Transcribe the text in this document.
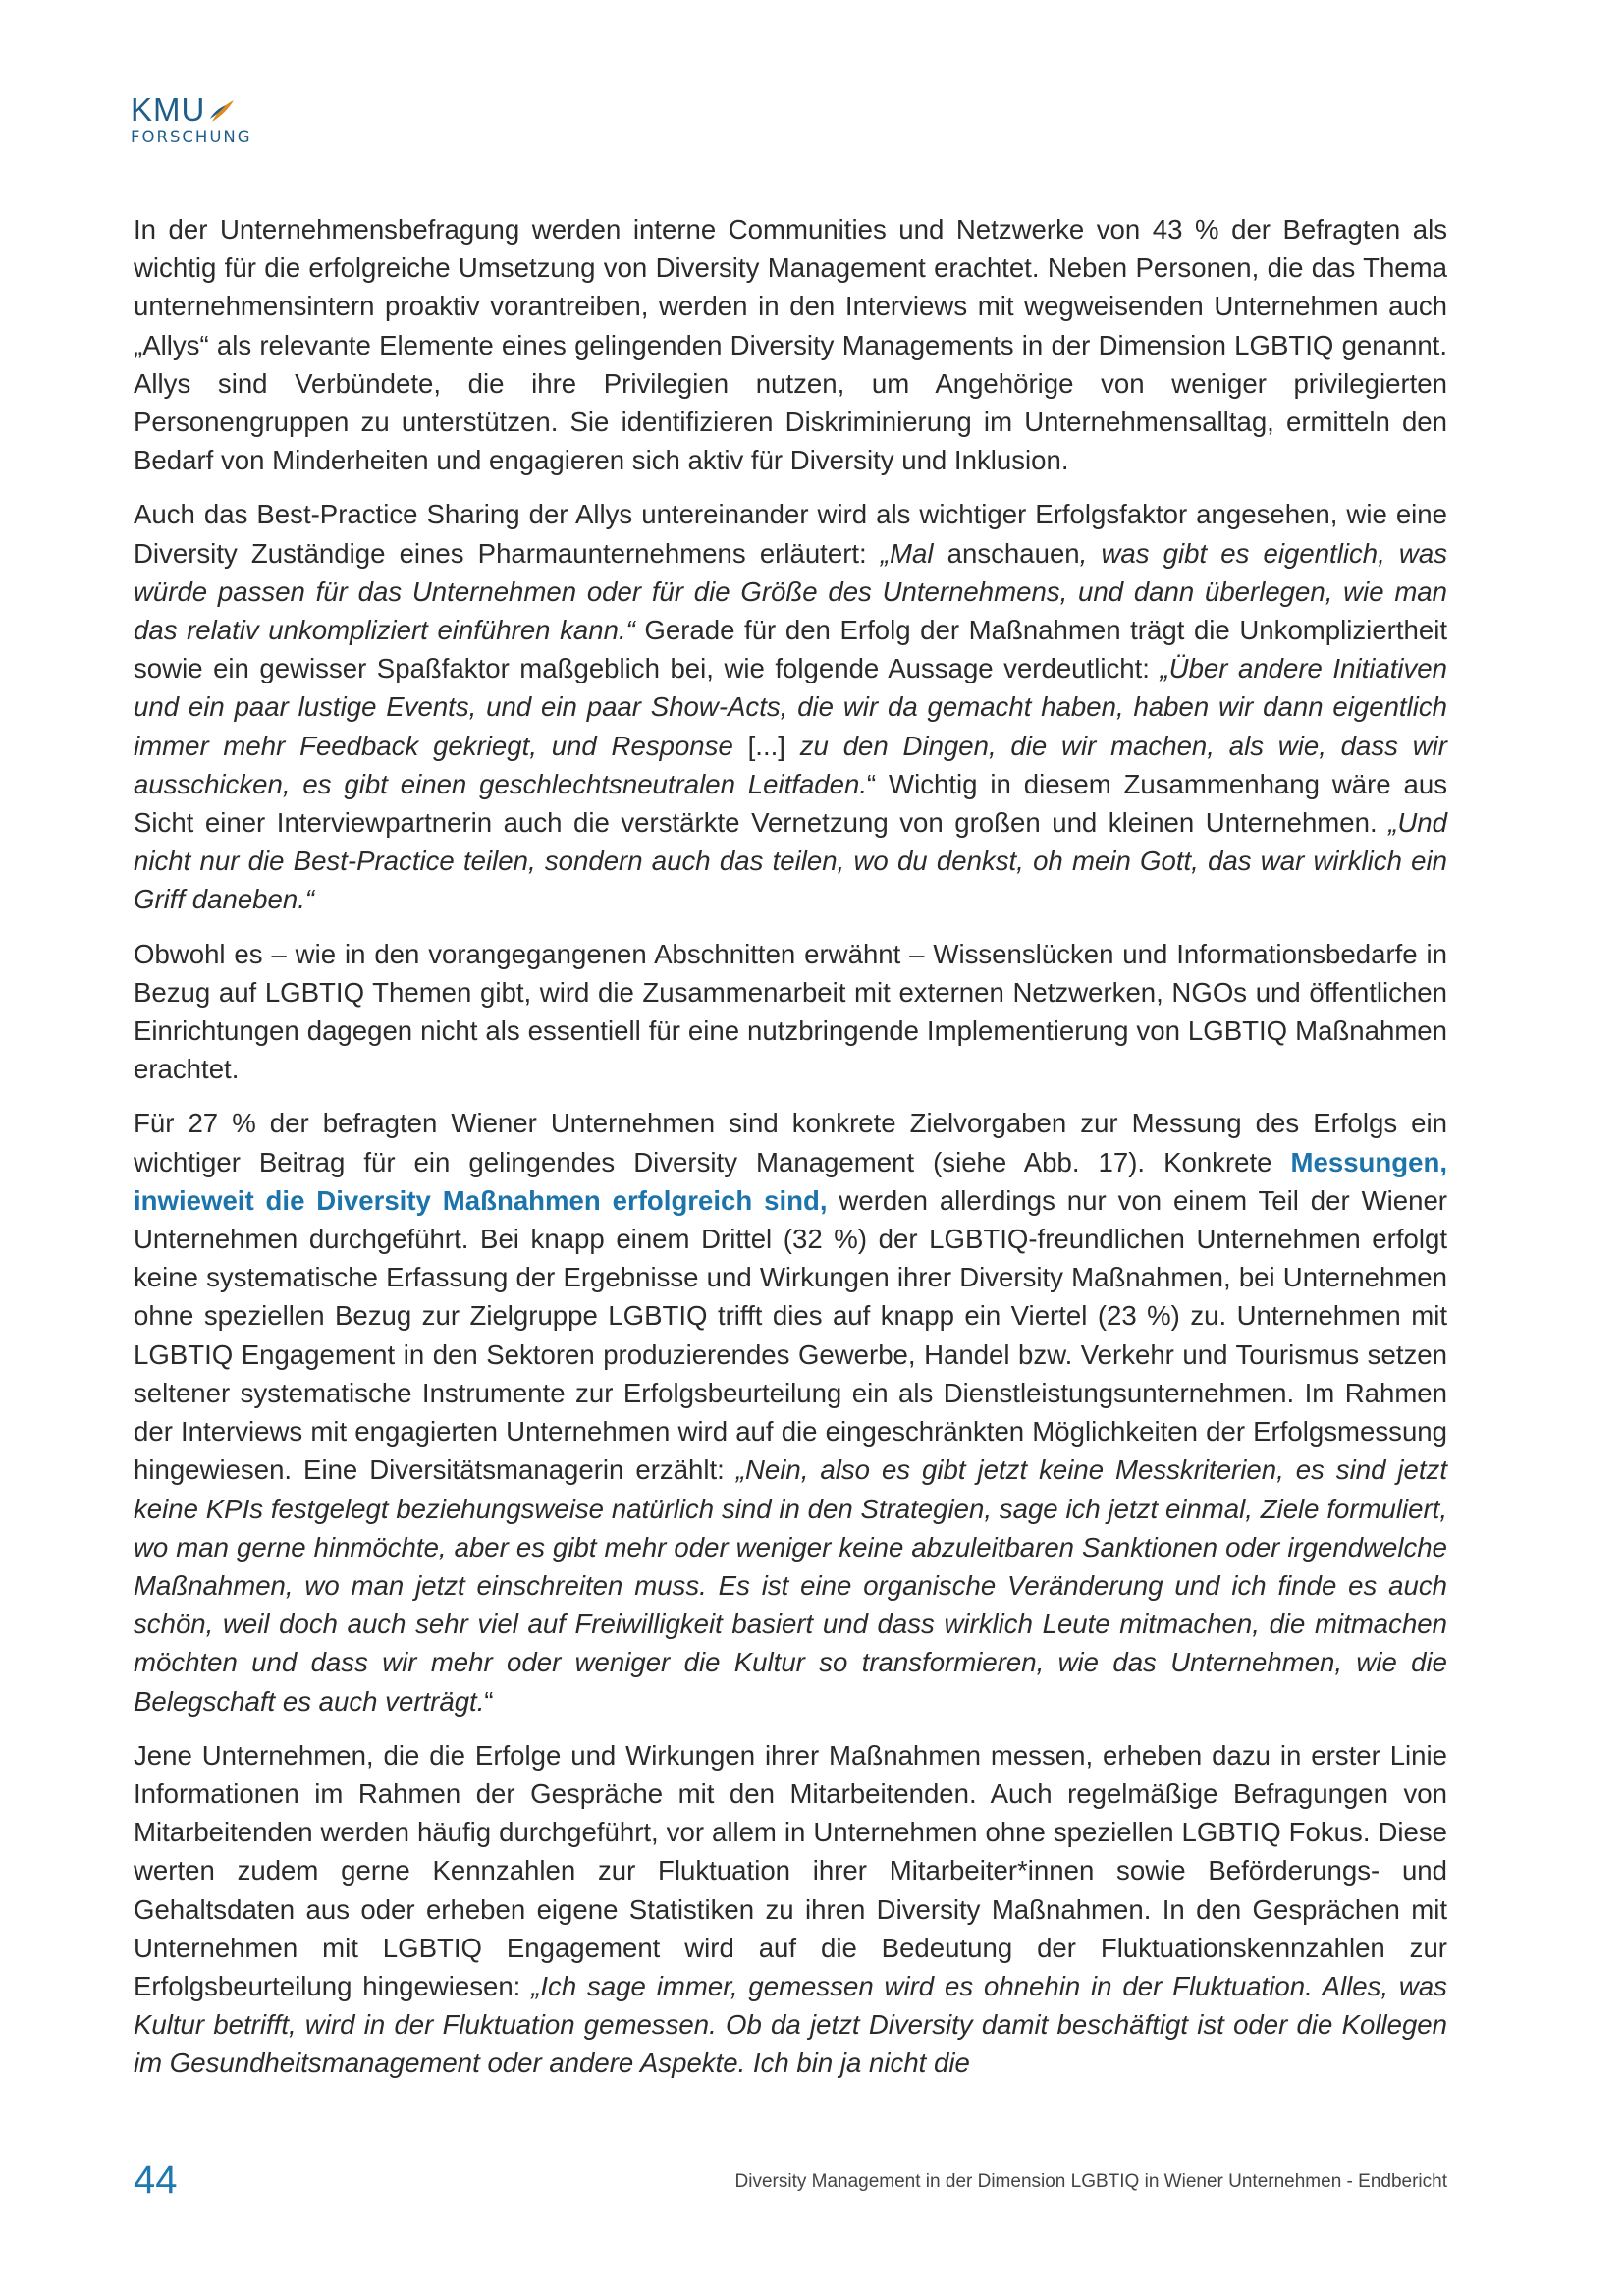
KMU
FORSCHUNG

In der Unternehmensbefragung werden interne Communities und Netzwerke von 43 % der Befragten als wichtig für die erfolgreiche Umsetzung von Diversity Management erachtet. Neben Personen, die das Thema unternehmensintern proaktiv vorantreiben, werden in den Interviews mit wegweisenden Unternehmen auch „Allys“ als relevante Elemente eines gelingenden Diversity Managements in der Dimension LGBTIQ genannt. Allys sind Verbündete, die ihre Privilegien nutzen, um Angehörige von weniger privilegierten Personengruppen zu unterstützen. Sie identifizieren Diskriminierung im Unternehmensalltag, ermitteln den Bedarf von Minderheiten und engagieren sich aktiv für Diversity und Inklusion.

Auch das Best-Practice Sharing der Allys untereinander wird als wichtiger Erfolgsfaktor angesehen, wie eine Diversity Zuständige eines Pharmaunternehmens erläutert: „Mal anschauen, was gibt es eigentlich, was würde passen für das Unternehmen oder für die Größe des Unternehmens, und dann überlegen, wie man das relativ unkompliziert einführen kann.“ Gerade für den Erfolg der Maßnahmen trägt die Unkompliziertheit sowie ein gewisser Spaßfaktor maßgeblich bei, wie folgende Aussage verdeutlicht: „Über andere Initiativen und ein paar lustige Events, und ein paar Show-Acts, die wir da gemacht haben, haben wir dann eigentlich immer mehr Feedback gekriegt, und Response [...] zu den Dingen, die wir machen, als wie, dass wir ausschicken, es gibt einen geschlechtsneutralen Leitfaden.“ Wichtig in diesem Zusammenhang wäre aus Sicht einer Interviewpartnerin auch die verstärkte Vernetzung von großen und kleinen Unternehmen. „Und nicht nur die Best-Practice teilen, sondern auch das teilen, wo du denkst, oh mein Gott, das war wirklich ein Griff daneben.“

Obwohl es – wie in den vorangegangenen Abschnitten erwähnt – Wissenslücken und Informationsbedarfe in Bezug auf LGBTIQ Themen gibt, wird die Zusammenarbeit mit externen Netzwerken, NGOs und öffentlichen Einrichtungen dagegen nicht als essentiell für eine nutzbringende Implementierung von LGBTIQ Maßnahmen erachtet.

Für 27 % der befragten Wiener Unternehmen sind konkrete Zielvorgaben zur Messung des Erfolgs ein wichtiger Beitrag für ein gelingendes Diversity Management (siehe Abb. 17). Konkrete Messungen, inwieweit die Diversity Maßnahmen erfolgreich sind, werden allerdings nur von einem Teil der Wiener Unternehmen durchgeführt. Bei knapp einem Drittel (32 %) der LGBTIQ-freundlichen Unternehmen erfolgt keine systematische Erfassung der Ergebnisse und Wirkungen ihrer Diversity Maßnahmen, bei Unternehmen ohne speziellen Bezug zur Zielgruppe LGBTIQ trifft dies auf knapp ein Viertel (23 %) zu. Unternehmen mit LGBTIQ Engagement in den Sektoren produzierendes Gewerbe, Handel bzw. Verkehr und Tourismus setzen seltener systematische Instrumente zur Erfolgsbeurteilung ein als Dienstleistungsunternehmen. Im Rahmen der Interviews mit engagierten Unternehmen wird auf die eingeschränkten Möglichkeiten der Erfolgsmessung hingewiesen. Eine Diversitätsmanagerin erzählt: „Nein, also es gibt jetzt keine Messkriterien, es sind jetzt keine KPIs festgelegt beziehungsweise natürlich sind in den Strategien, sage ich jetzt einmal, Ziele formuliert, wo man gerne hinmöchte, aber es gibt mehr oder weniger keine abzuleitbaren Sanktionen oder irgendwelche Maßnahmen, wo man jetzt einschreiten muss. Es ist eine organische Veränderung und ich finde es auch schön, weil doch auch sehr viel auf Freiwilligkeit basiert und dass wirklich Leute mitmachen, die mitmachen möchten und dass wir mehr oder weniger die Kultur so transformieren, wie das Unternehmen, wie die Belegschaft es auch verträgt.“

Jene Unternehmen, die die Erfolge und Wirkungen ihrer Maßnahmen messen, erheben dazu in erster Linie Informationen im Rahmen der Gespräche mit den Mitarbeitenden. Auch regelmäßige Befragungen von Mitarbeitenden werden häufig durchgeführt, vor allem in Unternehmen ohne speziellen LGBTIQ Fokus. Diese werten zudem gerne Kennzahlen zur Fluktuation ihrer Mitarbeiter*innen sowie Beförderungs- und Gehaltsdaten aus oder erheben eigene Statistiken zu ihren Diversity Maßnahmen. In den Gesprächen mit Unternehmen mit LGBTIQ Engagement wird auf die Bedeutung der Fluktuationskennzahlen zur Erfolgsbeurteilung hingewiesen: „Ich sage immer, gemessen wird es ohnehin in der Fluktuation. Alles, was Kultur betrifft, wird in der Fluktuation gemessen. Ob da jetzt Diversity damit beschäftigt ist oder die Kollegen im Gesundheitsmanagement oder andere Aspekte. Ich bin ja nicht die

44	Diversity Management in der Dimension LGBTIQ in Wiener Unternehmen - Endbericht
